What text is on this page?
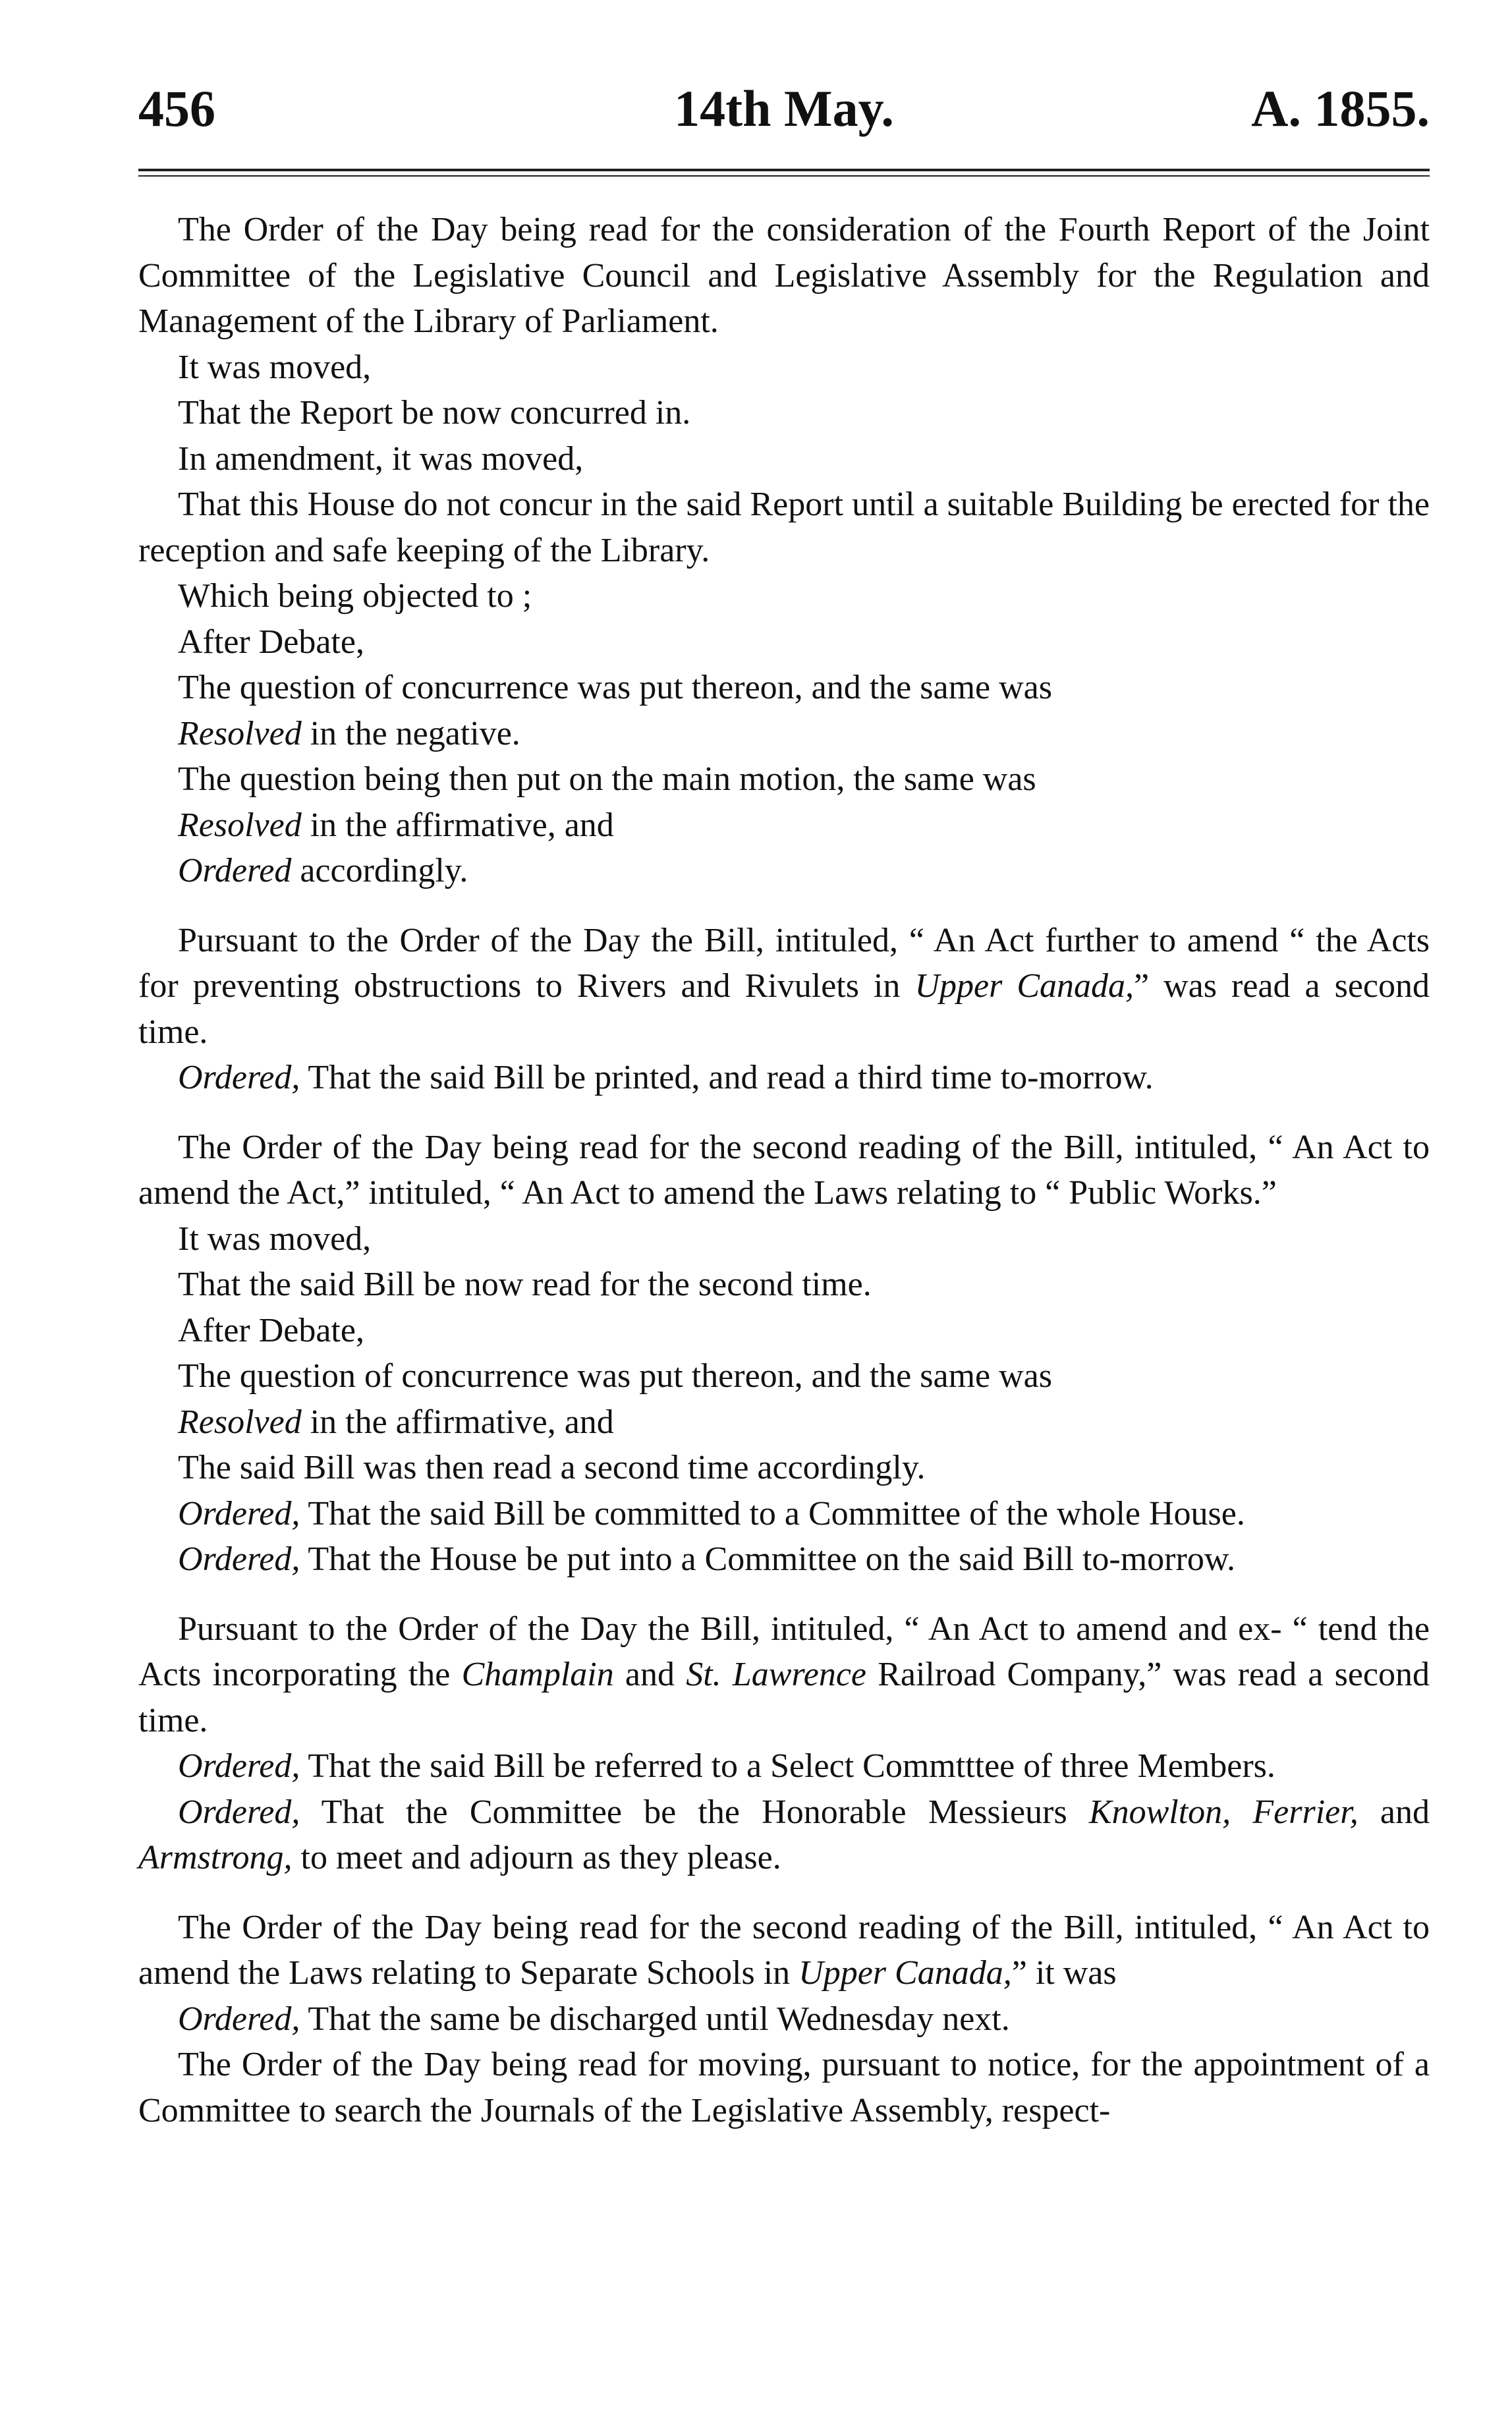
456	14th May.	A. 1855.

The Order of the Day being read for the consideration of the Fourth Report of the Joint Committee of the Legislative Council and Legislative Assembly for the Regulation and Management of the Library of Parliament.

It was moved,

That the Report be now concurred in.

In amendment, it was moved,

That this House do not concur in the said Report until a suitable Building be erected for the reception and safe keeping of the Library.

Which being objected to ;

After Debate,

The question of concurrence was put thereon, and the same was

Resolved in the negative.

The question being then put on the main motion, the same was

Resolved in the affirmative, and

Ordered accordingly.

Pursuant to the Order of the Day the Bill, intituled, “ An Act further to amend “ the Acts for preventing obstructions to Rivers and Rivulets in Upper Canada,” was read a second time.

Ordered, That the said Bill be printed, and read a third time to-morrow.

The Order of the Day being read for the second reading of the Bill, intituled, “ An Act to amend the Act,” intituled, “ An Act to amend the Laws relating to “ Public Works.”

It was moved,

That the said Bill be now read for the second time.

After Debate,

The question of concurrence was put thereon, and the same was

Resolved in the affirmative, and

The said Bill was then read a second time accordingly.

Ordered, That the said Bill be committed to a Committee of the whole House.

Ordered, That the House be put into a Committee on the said Bill to-morrow.

Pursuant to the Order of the Day the Bill, intituled, “ An Act to amend and ex- “ tend the Acts incorporating the Champlain and St. Lawrence Railroad Company,” was read a second time.

Ordered, That the said Bill be referred to a Select Commtttee of three Members.

Ordered, That the Committee be the Honorable Messieurs Knowlton, Ferrier, and Armstrong, to meet and adjourn as they please.

The Order of the Day being read for the second reading of the Bill, intituled, “ An Act to amend the Laws relating to Separate Schools in Upper Canada,” it was

Ordered, That the same be discharged until Wednesday next.

The Order of the Day being read for moving, pursuant to notice, for the appointment of a Committee to search the Journals of the Legislative Assembly, respect-
